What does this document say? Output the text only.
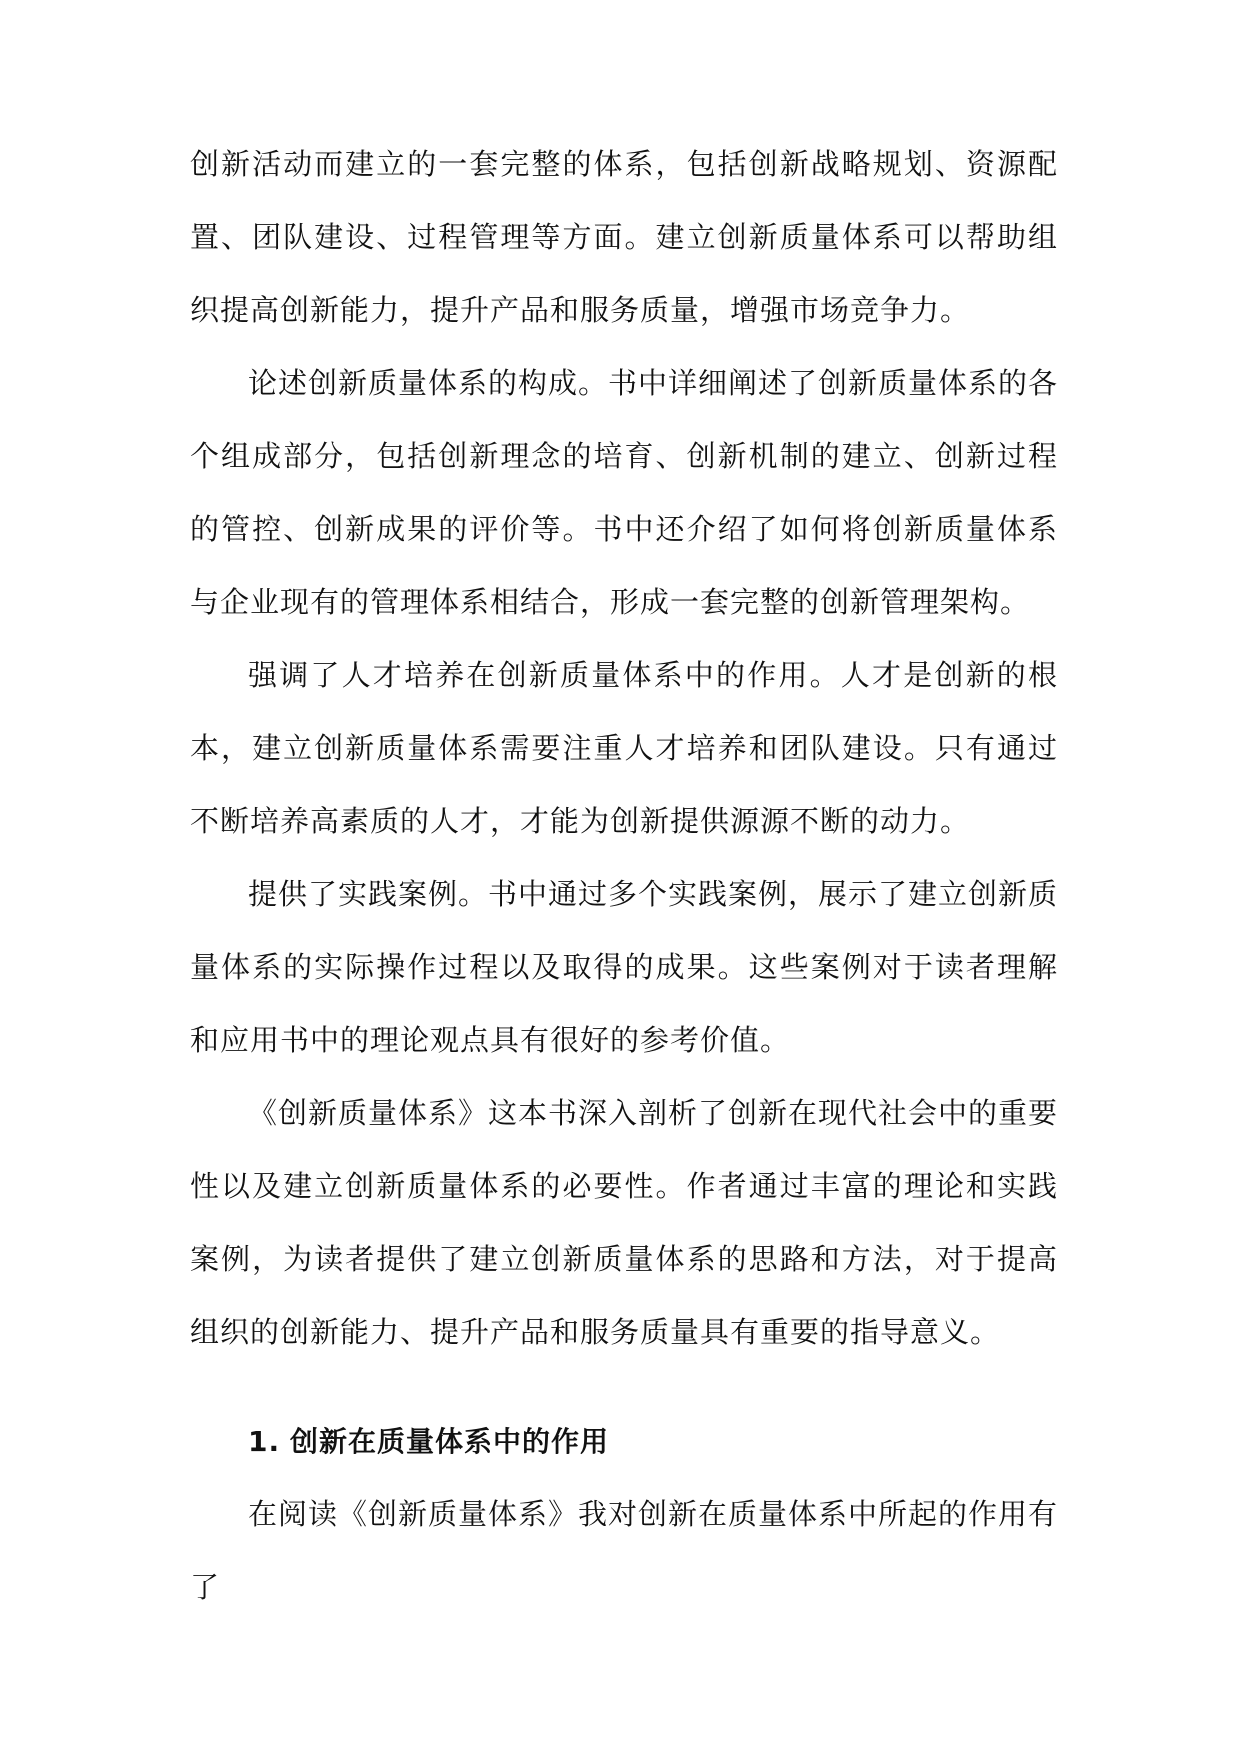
创新活动而建立的一套完整的体系，包括创新战略规划、资源配置、团队建设、过程管理等方面。建立创新质量体系可以帮助组织提高创新能力，提升产品和服务质量，增强市场竞争力。

论述创新质量体系的构成。书中详细阐述了创新质量体系的各个组成部分，包括创新理念的培育、创新机制的建立、创新过程的管控、创新成果的评价等。书中还介绍了如何将创新质量体系与企业现有的管理体系相结合，形成一套完整的创新管理架构。

强调了人才培养在创新质量体系中的作用。人才是创新的根本，建立创新质量体系需要注重人才培养和团队建设。只有通过不断培养高素质的人才，才能为创新提供源源不断的动力。

提供了实践案例。书中通过多个实践案例，展示了建立创新质量体系的实际操作过程以及取得的成果。这些案例对于读者理解和应用书中的理论观点具有很好的参考价值。

《创新质量体系》这本书深入剖析了创新在现代社会中的重要性以及建立创新质量体系的必要性。作者通过丰富的理论和实践案例，为读者提供了建立创新质量体系的思路和方法，对于提高组织的创新能力、提升产品和服务质量具有重要的指导意义。

1. 创新在质量体系中的作用

在阅读《创新质量体系》我对创新在质量体系中所起的作用有了
